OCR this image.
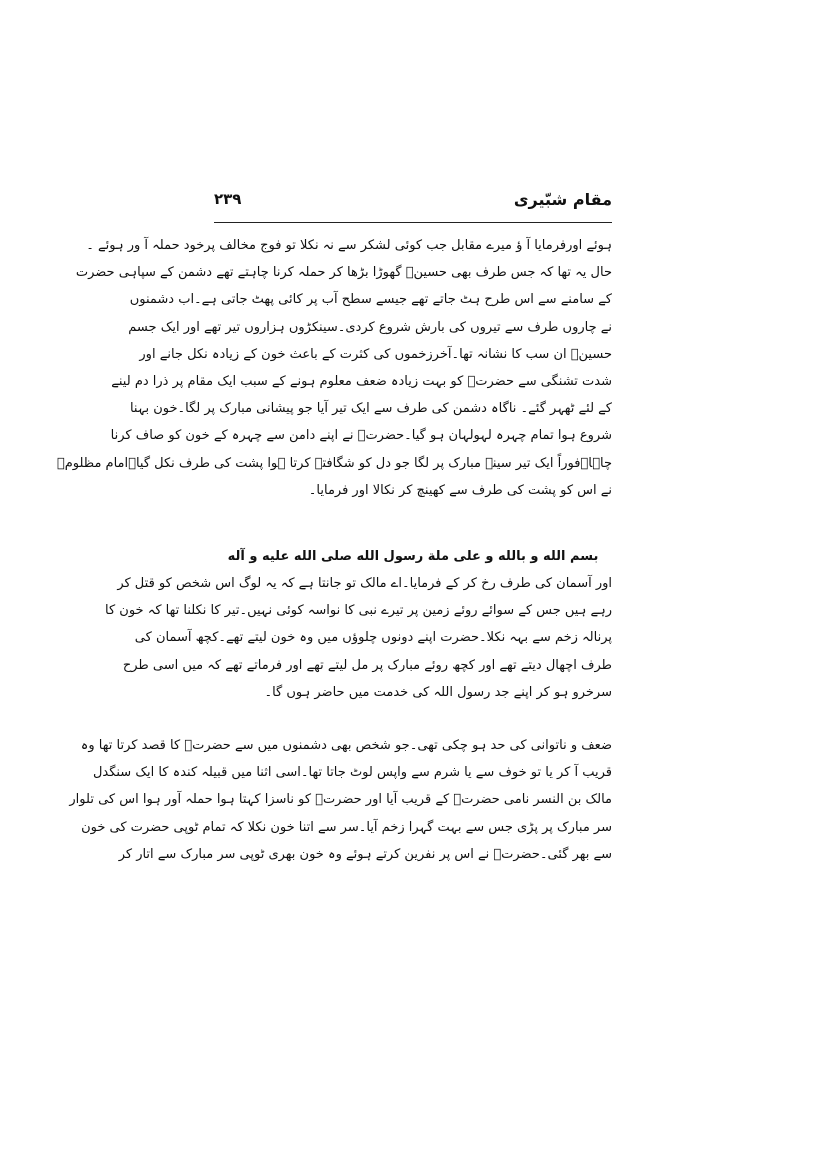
مقام شبّیری
۲۳۹
ہوئے اورفرمایا آ ؤ میرے مقابل جب کوئی لشکر سے نہ نکلا تو فوج مخالف پرخود حملہ آ ور ہوئے ۔
حال یہ تھا کہ جس طرف بھی حسینؑ گھوڑا بڑھا کر حملہ کرنا چاہتے تھے دشمن کے سپاہی حضرت
کے سامنے سے اس طرح ہٹ جاتے تھے جیسے سطح آب پر کائی پھٹ جاتی ہے۔اب دشمنوں
نے چاروں طرف سے تیروں کی بارش شروع کردی۔سینکڑوں ہزاروں تیر تھے اور ایک جسم
حسینؑ ان سب کا نشانہ تھا۔آخرزخموں کی کثرت کے باعث خون کے زیادہ نکل جانے اور
شدت تشنگی سے حضرتؑ کو بہت زیادہ ضعف معلوم ہونے کے سبب ایک مقام پر ذرا دم لینے
کے لئے ٹھہر گئے۔ ناگاہ دشمن کی طرف سے ایک تیر آیا جو پیشانی مبارک پر لگا۔خون بہنا
شروع ہوا تمام چہرہ لہولہان ہو گیا۔حضرتؑ نے اپنے دامن سے چہرہ کے خون کو صاف کرنا
چاہا۔فوراً ایک تیر سینہ مبارک پر لگا جو دل کو شگافتہ کرتا ہوا پشت کی طرف نکل گیا۔امام مظلومؑ
نے اس کو پشت کی طرف سے کھینچ کر نکالا اور فرمایا۔
بسم الله و بالله و على ملة رسول الله صلى الله عليه و آله
اور آسمان کی طرف رخ کر کے فرمایا۔اے مالک تو جانتا ہے کہ یہ لوگ اس شخص کو قتل کر
رہے ہیں جس کے سوائے روئے زمین پر تیرے نبی کا نواسہ کوئی نہیں۔تیر کا نکلنا تھا کہ خون کا
پرنالہ زخم سے بہہ نکلا۔حضرت اپنے دونوں چلوؤں میں وہ خون لیتے تھے۔کچھ آسمان کی
طرف اچھال دیتے تھے اور کچھ روئے مبارک پر مل لیتے تھے اور فرماتے تھے کہ میں اسی طرح
سرخرو ہو کر اپنے جد رسول اللہ کی خدمت میں حاضر ہوں گا۔
ضعف و ناتوانی کی حد ہو چکی تھی۔جو شخص بھی دشمنوں میں سے حضرتؑ کا قصد کرتا تھا وہ
قریب آ کر یا تو خوف سے یا شرم سے واپس لوٹ جاتا تھا۔اسی اثنا میں قبیلہ کندہ کا ایک سنگدل
مالک بن النسر نامی حضرتؑ کے قریب آیا اور حضرتؑ کو ناسزا کہتا ہوا حملہ آور ہوا اس کی تلوار
سر مبارک پر پڑی جس سے بہت گہرا زخم آیا۔سر سے اتنا خون نکلا کہ تمام ٹوپی حضرت کی خون
سے بھر گئی۔حضرتؑ نے اس پر نفرین کرتے ہوئے وہ خون بھری ٹوپی سر مبارک سے اتار کر
